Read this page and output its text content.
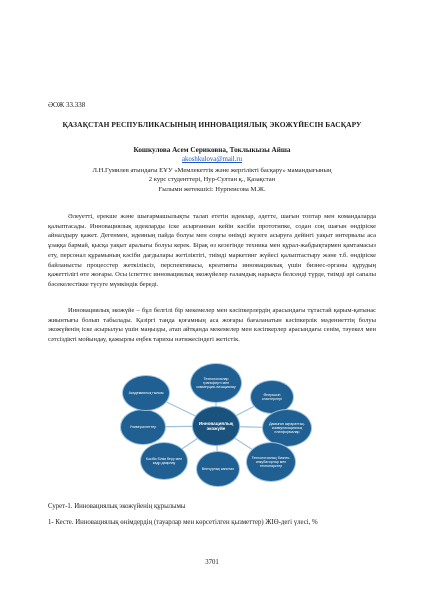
ӘОЖ 33.338
ҚАЗАҚСТАН РЕСПУБЛИКАСЫНЫҢ ИННОВАЦИЯЛЫҚ ЭКОЖҮЙЕСІН БАСҚАРУ
Кошкулова Асем Сериковна, Токлыкызы Айша
akoshkulova@mail.ru
Л.Н.Гумилев атындағы ЕҰУ «Мемлекеттік және жергілікті басқару» мамандығының
2 курс студенттері, Нур-Султан қ., Қазақстан
Ғылыми жетекшісі: Нурпеисова М.Ж.

Әлеуетті, ерекше және шығармашылықты талап ететін идеялар, әдетте, шағын топтар мен командаларда қалыптасады. Инновациялық идеяларды іске асырғаннан кейін кәсіби прототипке, содан соң шағын өндіріске айналдыру қажет. Дегенмен, идеяның пайда болуы мен соңғы өнімді жүзеге асыруға дейінгі уақыт интервалы аса ұзаққа бармай, қысқа уақыт аралығы болуы керек. Бірақ өз кезегінде техника мен құрал-жабдықтармен қамтамасыз ету, персонал құрамының кәсіби дағдылары жетіліктігі, тиімді маркетинг жүйесі қалыптастыру және т.б. өндіріске байланысты процесстер жеткіліксіз, перспективасы, креативты инновациялық үшін бизнес-органы құрудың қажеттілігі өте жоғары. Осы іспеттес инновациялық экожүйелер ғаламдық нарықта белсенді түрде, тиімді әрі сапалы бәсекелестікке түсуге мүмкіндік береді.

Инновациялық экожүйе – бұл белгілі бір мекемелер мен кәсіпкерлердің арасындағы тұтастай қарым-қатынас жиынтығы болып табылады. Қазіргі таңда қоғамның аса жоғары бағаланатын кәсіпкерлік мәдениеттің болуы экожүйенің іске асырылуы үшін маңызды, атап айтқанда мекемелер мен кәсіпкерлер арасындағы сенім, тәуекел мен сәтсіздікті мойындау, қажырлы еңбек тарихы нәтижесіндегі жетістік.

Инновациялық экожүйе
Технологиялар трансферті мен коммерция-лизациялау
Өнеркәсіп кластерлері
Дамыған ақпараттық-коммуникациялық платформалар
Технологиялық бизнес-инкубаторлар мен технопарктер
Венчурлық капитал
Кәсіби білім беру мен кадр даярлау
Университеттер
Академиялық ғылым
Сурет-1. Инновациялық экожүйенің құрылымы
1- Кесте. Инновациялық өнімдердің (тауарлар мен көрсетілген қызметтер) ЖІӨ-дегі үлесі, %
3701
